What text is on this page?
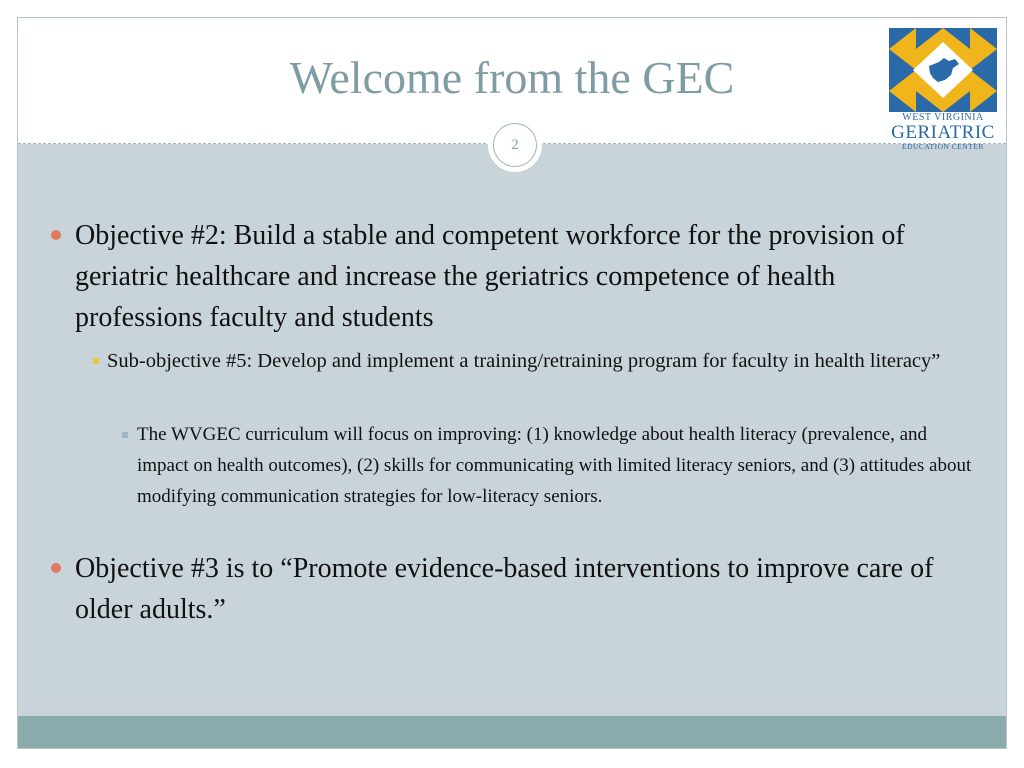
Welcome from the GEC
2
WEST VIRGINIA
GERIATRIC
EDUCATION CENTER
Objective #2: Build a stable and competent workforce for the provision of geriatric healthcare and increase the geriatrics competence of health professions faculty and students
Sub-objective #5: Develop and implement a training/retraining program for faculty in health literacy”
The WVGEC curriculum will focus on improving: (1) knowledge about health literacy (prevalence, and impact on health outcomes), (2) skills for communicating with limited literacy seniors, and (3) attitudes about modifying communication strategies for low-literacy seniors.
Objective #3 is to “Promote evidence-based interventions to improve care of older adults.”
